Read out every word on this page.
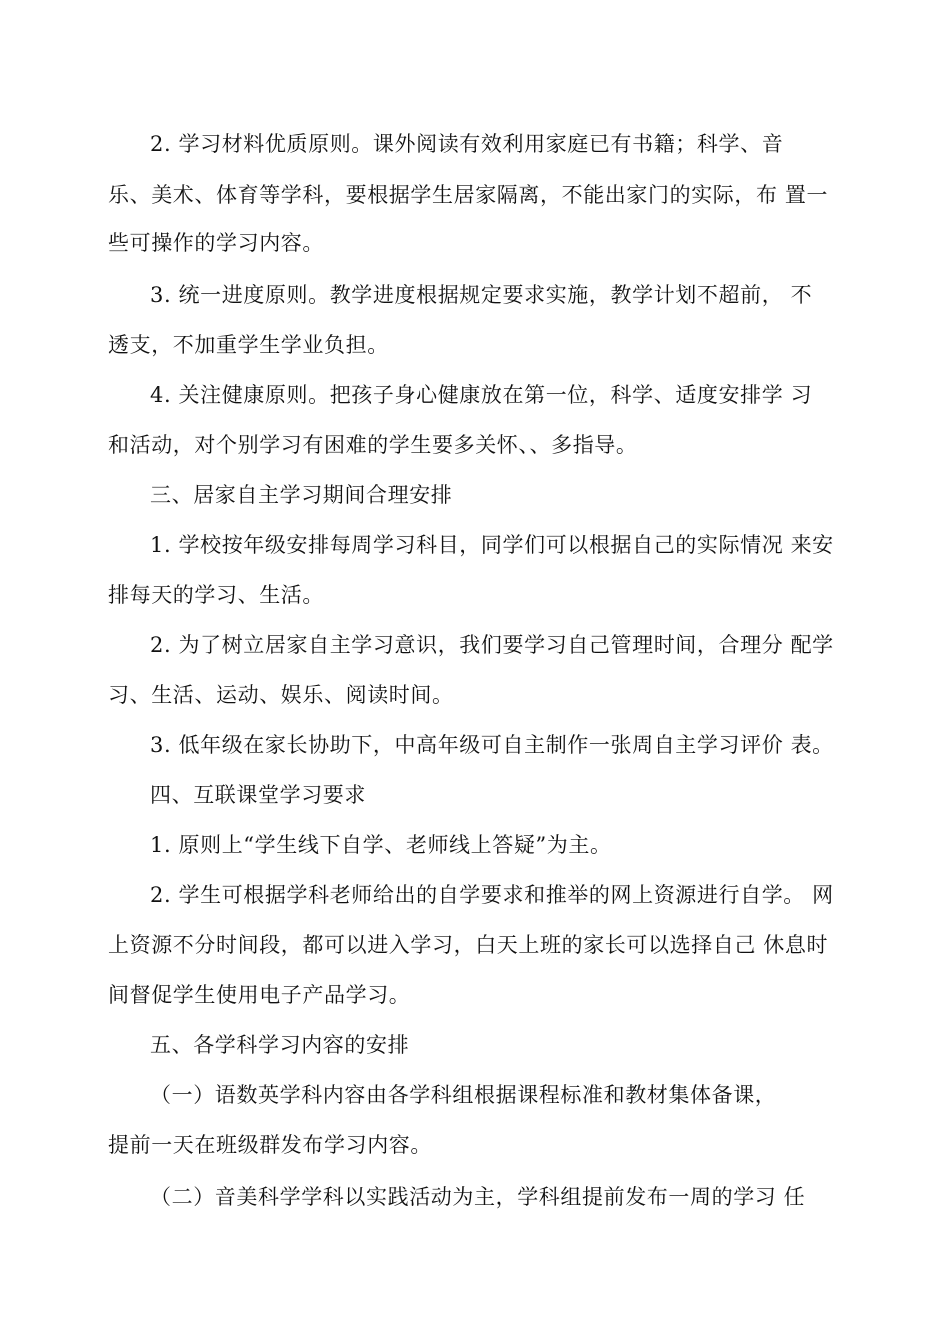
2. 学习材料优质原则。课外阅读有效利用家庭已有书籍；科学、音
乐、美术、体育等学科，要根据学生居家隔离，不能出家门的实际，布 置一
些可操作的学习内容。
3. 统一进度原则。教学进度根据规定要求实施，教学计划不超前， 不
透支，不加重学生学业负担。
4. 关注健康原则。把孩子身心健康放在第一位，科学、适度安排学 习
和活动，对个别学习有困难的学生要多关怀、、多指导。
三、居家自主学习期间合理安排
1. 学校按年级安排每周学习科目，同学们可以根据自己的实际情况 来安
排每天的学习、生活。
2. 为了树立居家自主学习意识，我们要学习自己管理时间，合理分 配学
习、生活、运动、娱乐、阅读时间。
3. 低年级在家长协助下，中高年级可自主制作一张周自主学习评价 表。
四、互联课堂学习要求
1. 原则上“学生线下自学、老师线上答疑”为主。
2. 学生可根据学科老师给出的自学要求和推举的网上资源进行自学。 网
上资源不分时间段，都可以进入学习，白天上班的家长可以选择自己 休息时
间督促学生使用电子产品学习。
五、各学科学习内容的安排
（一）语数英学科内容由各学科组根据课程标准和教材集体备课，
提前一天在班级群发布学习内容。
（二）音美科学学科以实践活动为主，学科组提前发布一周的学习 任
